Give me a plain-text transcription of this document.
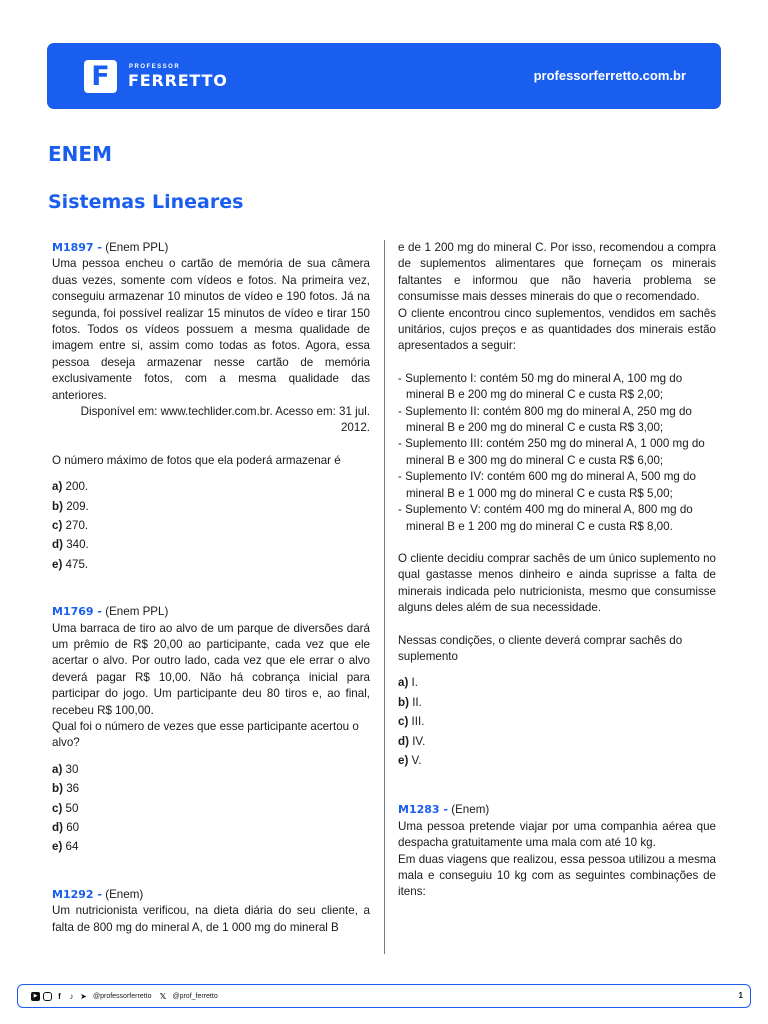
F	PROFESSOR
FERRETTO	professorferretto.com.br
ENEM
Sistemas Lineares
M1897 - (Enem PPL)

Uma pessoa encheu o cartão de memória de sua câmera duas vezes, somente com vídeos e fotos. Na primeira vez, conseguiu armazenar 10 minutos de vídeo e 190 fotos. Já na segunda, foi possível realizar 15 minutos de vídeo e tirar 150 fotos. Todos os vídeos possuem a mesma qualidade de imagem entre si, assim como todas as fotos. Agora, essa pessoa deseja armazenar nesse cartão de memória exclusivamente fotos, com a mesma qualidade das anteriores.

Disponível em: www.techlider.com.br. Acesso em: 31 jul. 2012.

O número máximo de fotos que ela poderá armazenar é

a) 200.
b) 209.
c) 270.
d) 340.
e) 475.
M1769 - (Enem PPL)

Uma barraca de tiro ao alvo de um parque de diversões dará um prêmio de R$ 20,00 ao participante, cada vez que ele acertar o alvo. Por outro lado, cada vez que ele errar o alvo deverá pagar R$ 10,00. Não há cobrança inicial para participar do jogo. Um participante deu 80 tiros e, ao final, recebeu R$ 100,00.

Qual foi o número de vezes que esse participante acertou o alvo?

a) 30
b) 36
c) 50
d) 60
e) 64
M1292 - (Enem)

Um nutricionista verificou, na dieta diária do seu cliente, a falta de 800 mg do mineral A, de 1 000 mg do mineral B

e de 1 200 mg do mineral C. Por isso, recomendou a compra de suplementos alimentares que forneçam os minerais faltantes e informou que não haveria problema se consumisse mais desses minerais do que o recomendado.

O cliente encontrou cinco suplementos, vendidos em sachês unitários, cujos preços e as quantidades dos minerais estão apresentados a seguir:

- Suplemento I: contém 50 mg do mineral A, 100 mg do mineral B e 200 mg do mineral C e custa R$ 2,00;

- Suplemento II: contém 800 mg do mineral A, 250 mg do mineral B e 200 mg do mineral C e custa R$ 3,00;

- Suplemento III: contém 250 mg do mineral A, 1 000 mg do mineral B e 300 mg do mineral C e custa R$ 6,00;

- Suplemento IV: contém 600 mg do mineral A, 500 mg do mineral B e 1 000 mg do mineral C e custa R$ 5,00;

- Suplemento V: contém 400 mg do mineral A, 800 mg do mineral B e 1 200 mg do mineral C e custa R$ 8,00.

O cliente decidiu comprar sachês de um único suplemento no qual gastasse menos dinheiro e ainda suprisse a falta de minerais indicada pelo nutricionista, mesmo que consumisse alguns deles além de sua necessidade.

Nessas condições, o cliente deverá comprar sachês do suplemento

a) I.
b) II.
c) III.
d) IV.
e) V.
M1283 - (Enem)

Uma pessoa pretende viajar por uma companhia aérea que despacha gratuitamente uma mala com até 10 kg.

Em duas viagens que realizou, essa pessoa utilizou a mesma mala e conseguiu 10 kg com as seguintes combinações de itens:

▶	f	♪ ➤ @professorferretto 𝕏 @prof_ferretto	1
